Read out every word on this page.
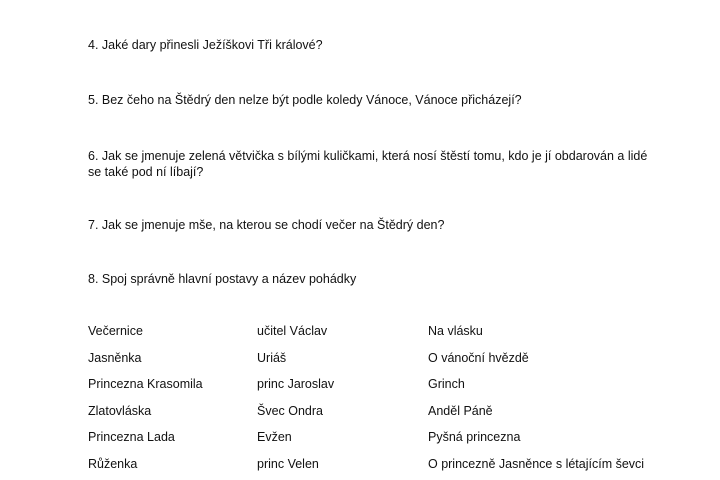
4. Jaké dary přinesli Ježíškovi Tři králové?

5. Bez čeho na Štědrý den nelze být podle koledy Vánoce, Vánoce přicházejí?

6. Jak se jmenuje zelená větvička s bílými kuličkami, která nosí štěstí tomu, kdo je jí obdarován a lidé

se také pod ní líbají?

7. Jak se jmenuje mše, na kterou se chodí večer na Štědrý den?

8. Spoj správně hlavní postavy a název pohádky

Večernice	učitel Václav	Na vlásku
Jasněnka	Uriáš	O vánoční hvězdě
Princezna Krasomila	princ Jaroslav	Grinch
Zlatovláska	Švec Ondra	Anděl Páně
Princezna Lada	Evžen	Pyšná princezna
Růženka	princ Velen	O princezně Jasněnce s létajícím ševci
